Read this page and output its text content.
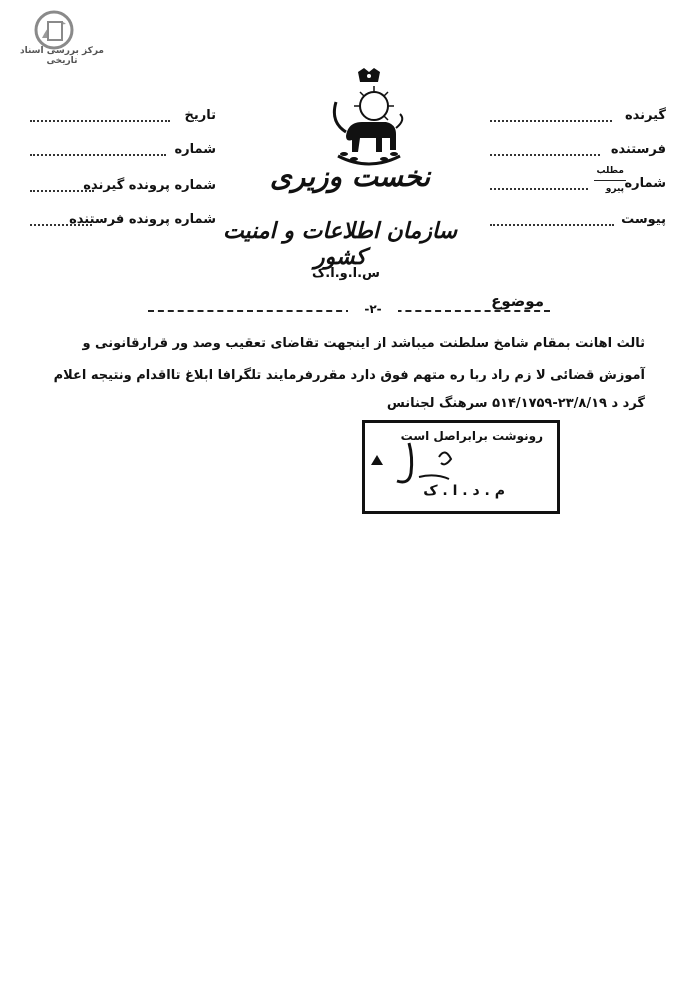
مرکز بررسی اسناد تاریخی
نخست وزیری
سازمان اطلاعات و امنیت کشور
س.ا.و.ا.ک
گیرنده
فرستنده
شماره
مطلب
پیرو
پیوست
تاریخ
شماره
شماره پرونده گیرنده
شماره پرونده فرستنده
موضوع
-۲-
ثالث اهانت بمقام شامخ سلطنت میباشد از اینجهت تقاضای تعقیب وصد ور قرارقانونی و
آموزش قضائی لا زم راد ربا ره متهم فوق دارد مقررفرمایند تلگرافا ابلاغ تااقدام ونتیجه اعلام
گرد د ۲۳/۸/۱۹-۵۱۴/۱۷۵۹ سرهنگ لجنانس
رونوشت برابراصل است
م . د . ا . ک
